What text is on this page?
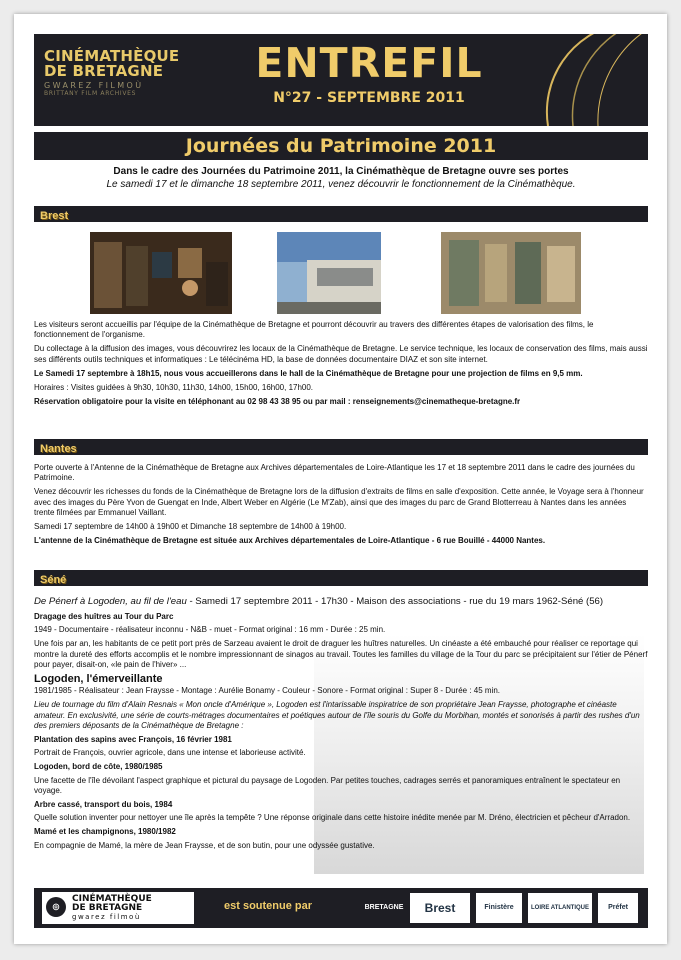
CINÉMATHÈQUE
DE BRETAGNE
GWAREZ FILMOÙ
BRITTANY FILM ARCHIVES
ENTREFIL
N°27 - SEPTEMBRE 2011
Journées du Patrimoine 2011
Dans le cadre des Journées du Patrimoine 2011, la Cinémathèque de Bretagne ouvre ses portes
Le samedi 17 et le dimanche 18 septembre 2011, venez découvrir le fonctionnement de la Cinémathèque.
Brest

Les visiteurs seront accueillis par l'équipe de la Cinémathèque de Bretagne et pourront découvrir au travers des différentes étapes de valorisation des films, le fonctionnement de l'organisme.

Du collectage à la diffusion des images, vous découvrirez les locaux de la Cinémathèque de Bretagne. Le service technique, les locaux de conservation des films, mais aussi ses différents outils techniques et informatiques : Le télécinéma HD, la base de données documentaire DIAZ et son site internet.

Le Samedi 17 septembre à 18h15, nous vous accueillerons dans le hall de la Cinémathèque de Bretagne pour une projection de films en 9,5 mm.

Horaires : Visites guidées à 9h30, 10h30, 11h30, 14h00, 15h00, 16h00, 17h00.

Réservation obligatoire pour la visite en téléphonant au 02 98 43 38 95 ou par mail : renseignements@cinematheque-bretagne.fr

Nantes

Porte ouverte à l'Antenne de la Cinémathèque de Bretagne aux Archives départementales de Loire-Atlantique les 17 et 18 septembre 2011 dans le cadre des journées du Patrimoine.

Venez découvrir les richesses du fonds de la Cinémathèque de Bretagne lors de la diffusion d'extraits de films en salle d'exposition. Cette année, le Voyage sera à l'honneur avec des images du Père Yvon de Guengat en Inde, Albert Weber en Algérie (Le M'Zab), ainsi que des images du parc de Grand Blotterreau à Nantes dans les années trente filmées par Emmanuel Vaillant.

Samedi 17 septembre de 14h00 à 19h00 et Dimanche 18 septembre de 14h00 à 19h00.

L'antenne de la Cinémathèque de Bretagne est située aux Archives départementales de Loire-Atlantique - 6 rue Bouillé - 44000 Nantes.

Séné

De Pénerf à Logoden, au fil de l'eau - Samedi 17 septembre 2011 - 17h30 - Maison des associations - rue du 19 mars 1962-Séné (56)

Dragage des huîtres au Tour du Parc

1949 - Documentaire - réalisateur inconnu - N&B - muet - Format original : 16 mm - Durée : 25 min.

Une fois par an, les habitants de ce petit port près de Sarzeau avaient le droit de draguer les huîtres naturelles. Un cinéaste a été embauché pour réaliser ce reportage qui montre la dureté des efforts accomplis et le nombre impressionnant de sinagos au travail. Toutes les familles du village de la Tour du parc se précipitaient sur l'étier de Pénerf pour payer, disait-on, «le pain de l'hiver» ...

Logoden, l'émerveillante

1981/1985 - Réalisateur : Jean Fraysse - Montage : Aurélie Bonamy - Couleur - Sonore - Format original : Super 8 - Durée : 45 min.

Lieu de tournage du film d'Alain Resnais « Mon oncle d'Amérique », Logoden est l'intarissable inspiratrice de son propriétaire Jean Fraysse, photographe et cinéaste amateur. En exclusivité, une série de courts-métrages documentaires et poétiques autour de l'île souris du Golfe du Morbihan, montés et sonorisés à partir des rushes d'un des premiers déposants de la Cinémathèque de Bretagne :

Plantation des sapins avec François, 16 février 1981

Portrait de François, ouvrier agricole, dans une intense et laborieuse activité.

Logoden, bord de côte, 1980/1985

Une facette de l'île dévoilant l'aspect graphique et pictural du paysage de Logoden. Par petites touches, cadrages serrés et panoramiques entraînent le spectateur en voyage.

Arbre cassé, transport du bois, 1984

Quelle solution inventer pour nettoyer une île après la tempête ? Une réponse originale dans cette histoire inédite menée par M. Dréno, électricien et pêcheur d'Arradon.

Mamé et les champignons, 1980/1982

En compagnie de Mamé, la mère de Jean Fraysse, et de son butin, pour une odyssée gustative.

◎
CINÉMATHÈQUE
DE BRETAGNE
gwarez filmoù
est soutenue par	BRETAGNE	Brest	Finistère	LOIRE ATLANTIQUE	Préfet
